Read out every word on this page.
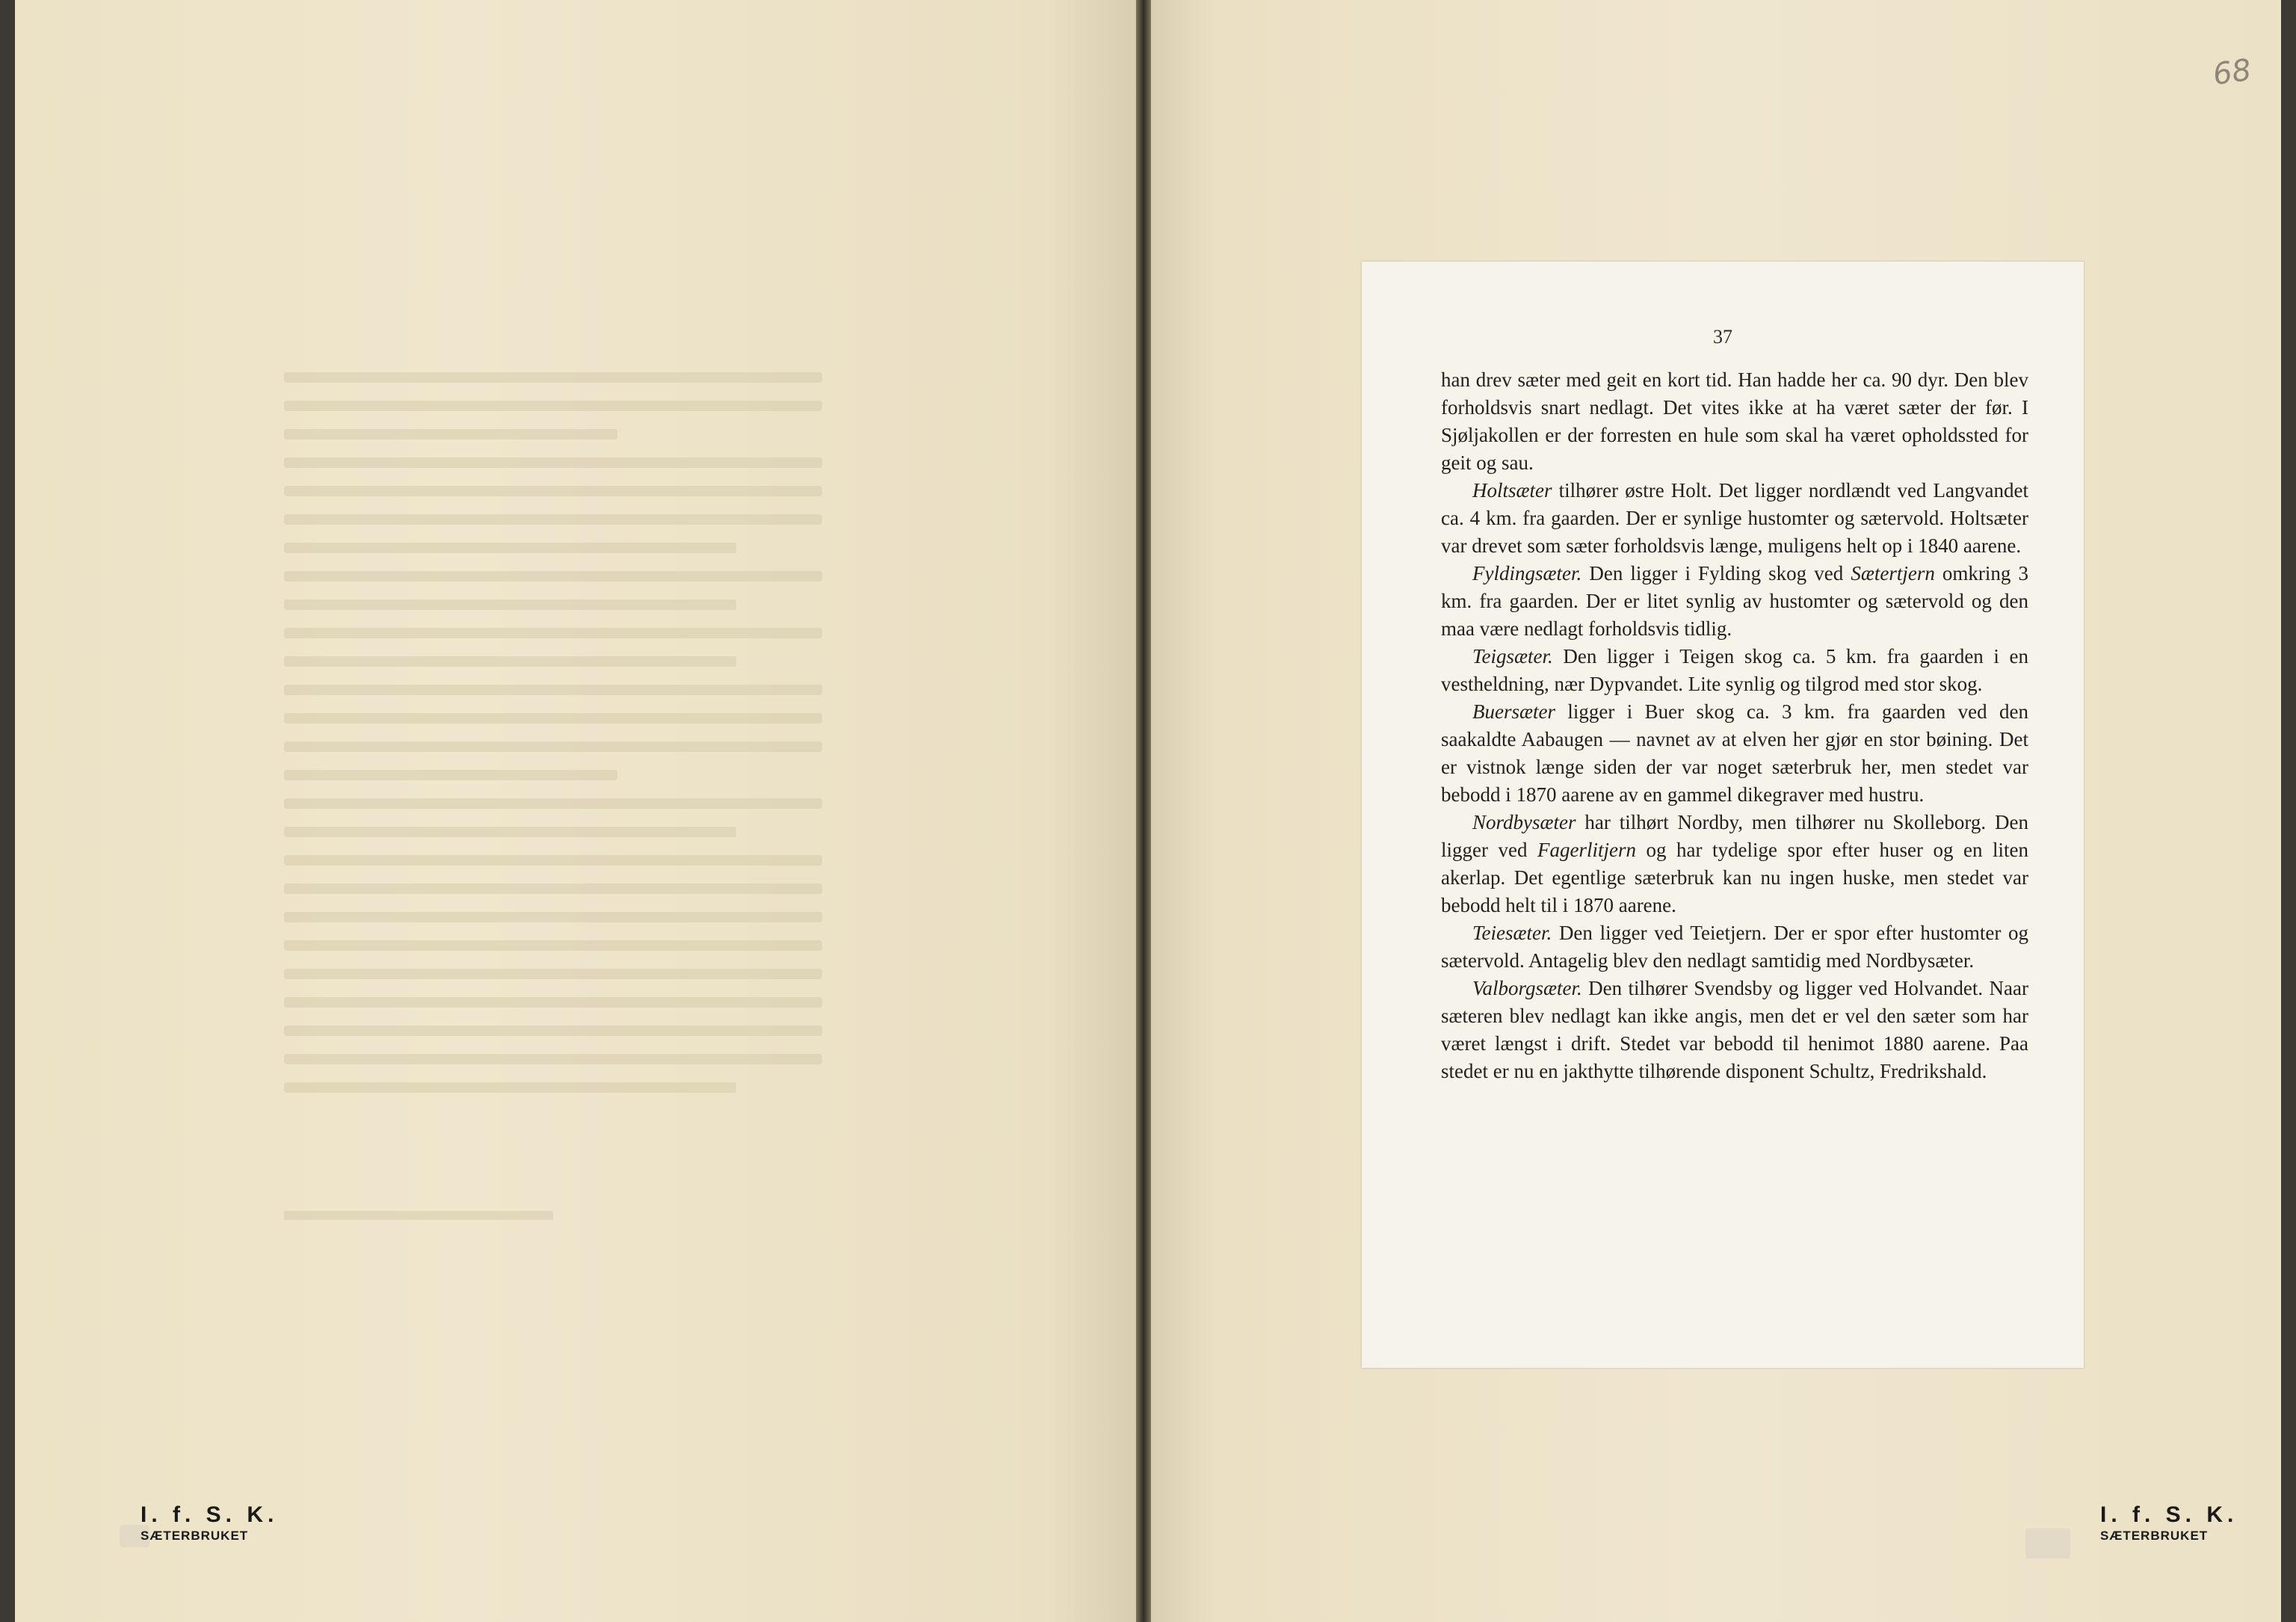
I. f. S. K.
SÆTERBRUKET
68
I. f. S. K.
SÆTERBRUKET
37

han drev sæter med geit en kort tid. Han hadde her ca. 90 dyr. Den blev forholdsvis snart nedlagt. Det vites ikke at ha været sæter der før. I Sjøljakollen er der forresten en hule som skal ha været opholdssted for geit og sau.

Holtsæter tilhører østre Holt. Det ligger nordlændt ved Langvandet ca. 4 km. fra gaarden. Der er synlige hustomter og sætervold. Holtsæter var drevet som sæter forholdsvis længe, muligens helt op i 1840 aarene.

Fyldingsæter. Den ligger i Fylding skog ved Sætertjern omkring 3 km. fra gaarden. Der er litet synlig av hustomter og sætervold og den maa være nedlagt forholdsvis tidlig.

Teigsæter. Den ligger i Teigen skog ca. 5 km. fra gaarden i en vestheldning, nær Dypvandet. Lite synlig og tilgrod med stor skog.

Buersæter ligger i Buer skog ca. 3 km. fra gaarden ved den saakaldte Aabaugen — navnet av at elven her gjør en stor bøining. Det er vistnok længe siden der var noget sæterbruk her, men stedet var bebodd i 1870 aarene av en gammel dikegraver med hustru.

Nordbysæter har tilhørt Nordby, men tilhører nu Skolleborg. Den ligger ved Fagerlitjern og har tydelige spor efter huser og en liten akerlap. Det egentlige sæterbruk kan nu ingen huske, men stedet var bebodd helt til i 1870 aarene.

Teiesæter. Den ligger ved Teietjern. Der er spor efter hustomter og sætervold. Antagelig blev den nedlagt samtidig med Nordbysæter.

Valborgsæter. Den tilhører Svendsby og ligger ved Holvandet. Naar sæteren blev nedlagt kan ikke angis, men det er vel den sæter som har været længst i drift. Stedet var bebodd til henimot 1880 aarene. Paa stedet er nu en jakthytte tilhørende disponent Schultz, Fredrikshald.
